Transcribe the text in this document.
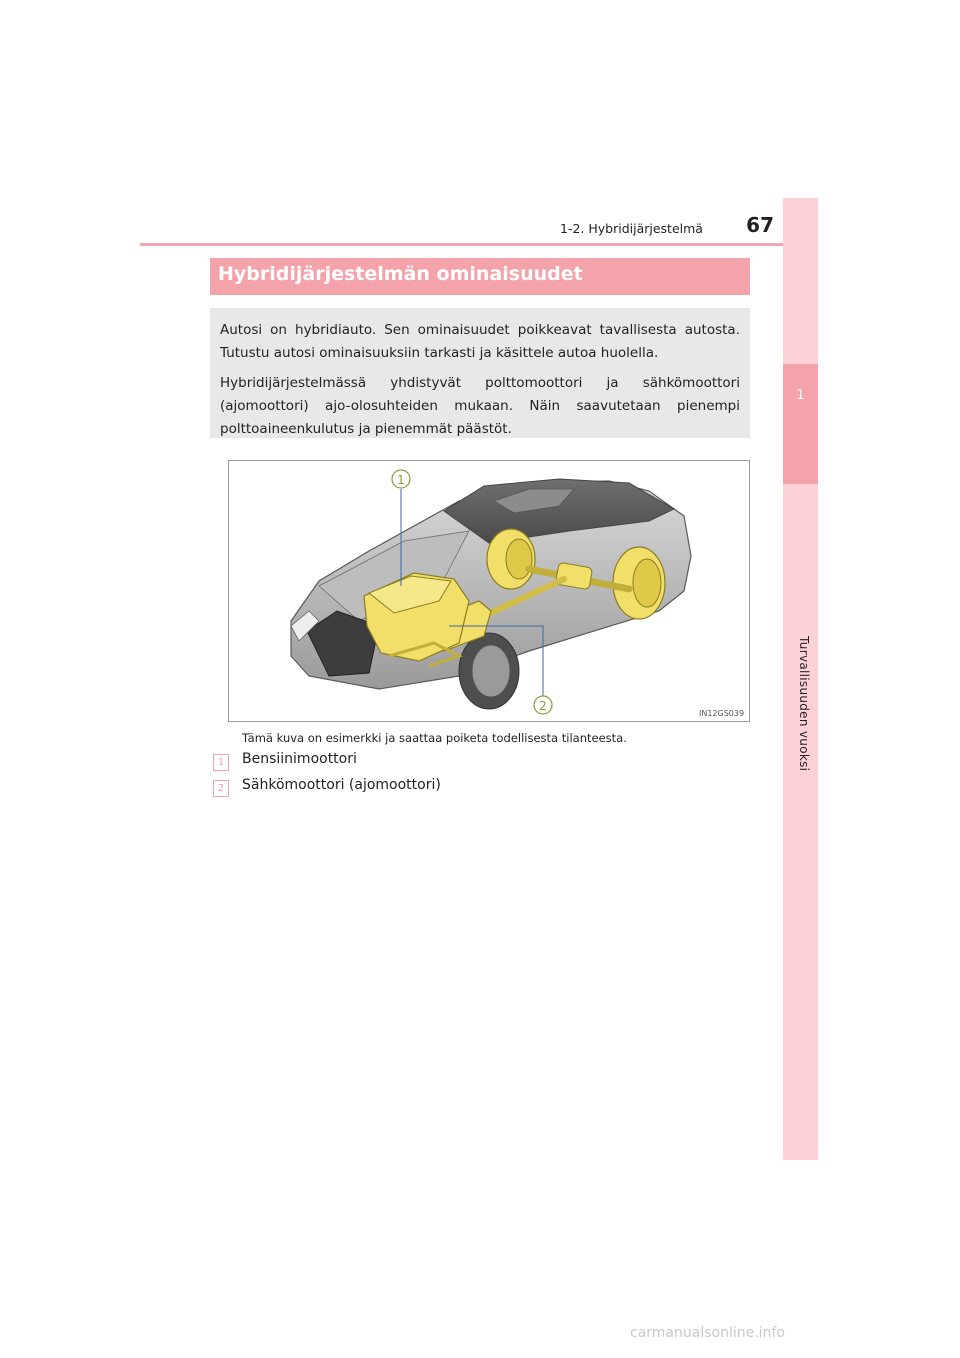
67
1-2. Hybridijärjestelmä
1
Turvallisuuden vuoksi
Hybridijärjestelmän ominaisuudet

Autosi on hybridiauto. Sen ominaisuudet poikkeavat tavallisesta autosta. Tutustu autosi ominaisuuksiin tarkasti ja käsittele autoa huolella.

Hybridijärjestelmässä yhdistyvät polttomoottori ja sähkömoottori (ajomoottori) ajo-olosuhteiden mukaan. Näin saavutetaan pienempi polttoaineenkulutus ja pienemmät päästöt.

1
2
IN12GS039
Tämä kuva on esimerkki ja saattaa poiketa todellisesta tilanteesta.
1	Bensiinimoottori
2	Sähkömoottori (ajomoottori)
carmanualsonline.info
